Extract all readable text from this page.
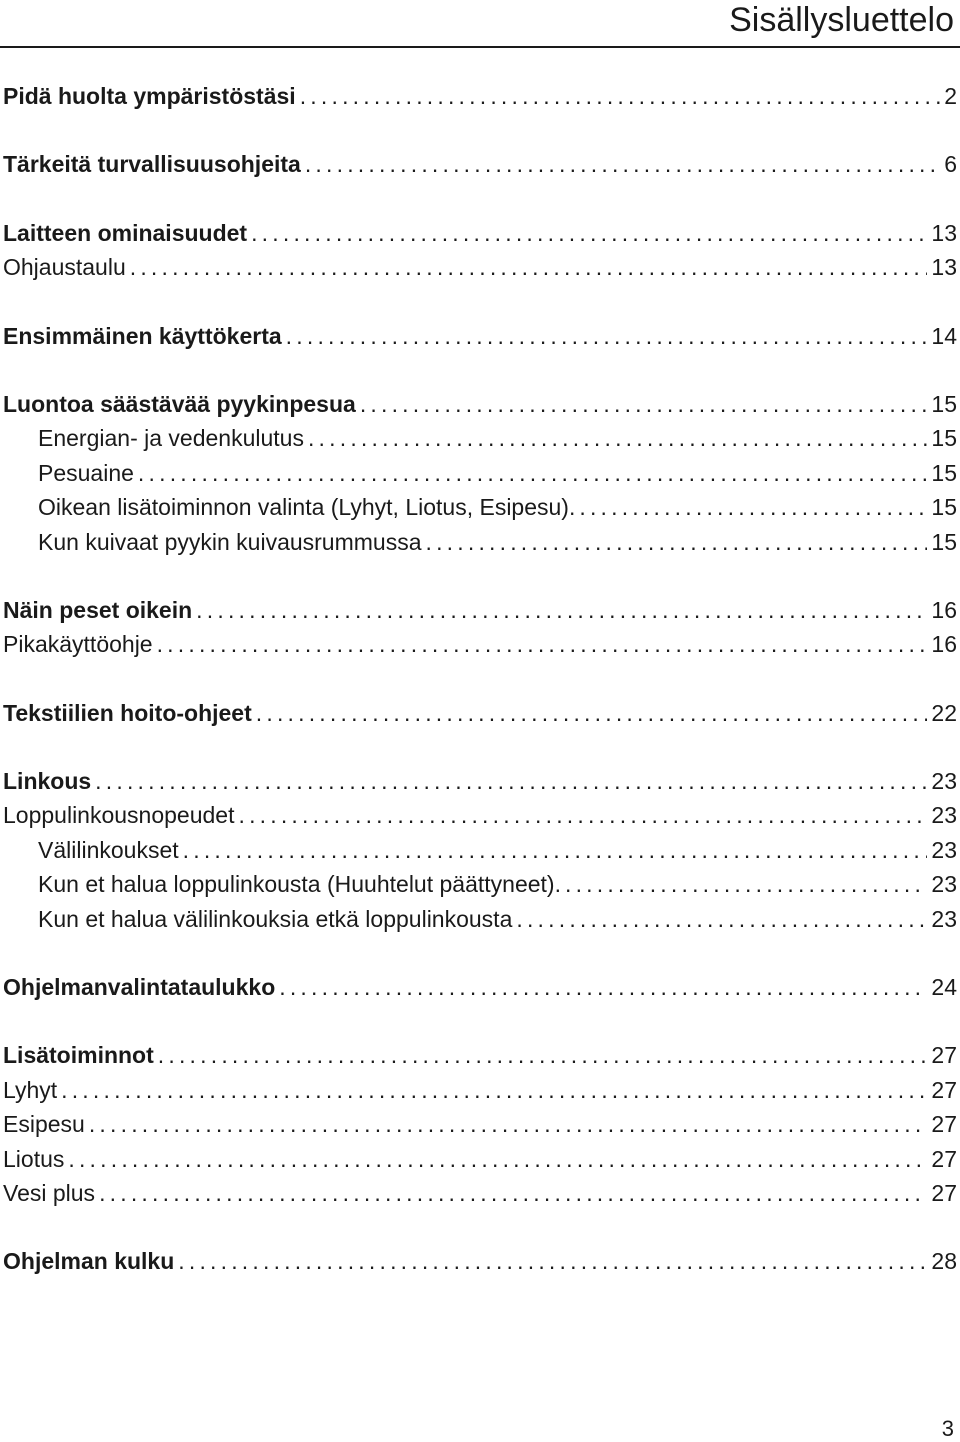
Sisällysluettelo
Pidä huolta ympäristöstäsi .....	2
Tärkeitä turvallisuusohjeita .....	6
Laitteen ominaisuudet .....	13
Ohjaustaulu .....	13
Ensimmäinen käyttökerta .....	14
Luontoa säästävää pyykinpesua .....	15
Energian- ja vedenkulutus .....	15
Pesuaine .....	15
Oikean lisätoiminnon valinta (Lyhyt, Liotus, Esipesu). .....	15
Kun kuivaat pyykin kuivausrummussa .....	15
Näin peset oikein .....	16
Pikakäyttöohje .....	16
Tekstiilien hoito-ohjeet .....	22
Linkous .....	23
Loppulinkousnopeudet .....	23
Välilinkoukset .....	23
Kun et halua loppulinkousta (Huuhtelut päättyneet). .....	23
Kun et halua välilinkouksia etkä loppulinkousta .....	23
Ohjelmanvalintataulukko .....	24
Lisätoiminnot .....	27
Lyhyt .....	27
Esipesu .....	27
Liotus .....	27
Vesi plus .....	27
Ohjelman kulku .....	28
3
